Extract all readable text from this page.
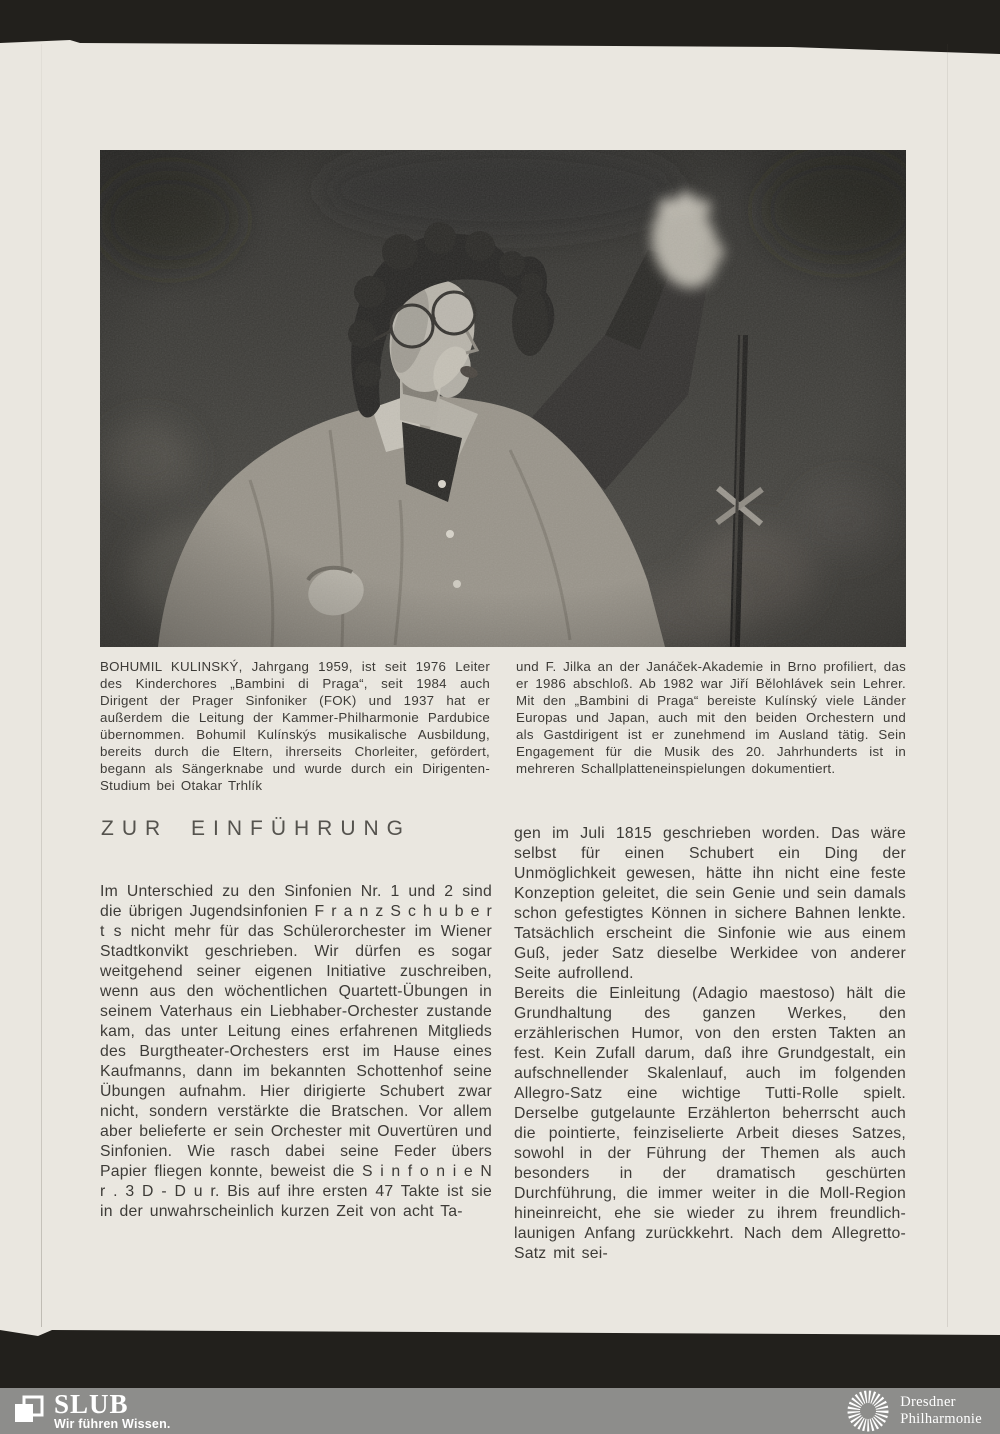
BOHUMIL KULINSKÝ, Jahrgang 1959, ist seit 1976 Leiter des Kinderchores „Bambini di Praga“, seit 1984 auch Dirigent der Prager Sinfoniker (FOK) und 1937 hat er außerdem die Leitung der Kammer-Philharmonie Pardubice übernommen. Bohumil Kulínskýs musikalische Ausbildung, bereits durch die Eltern, ihrerseits Chorleiter, gefördert, begann als Sängerknabe und wurde durch ein Dirigenten-Studium bei Otakar Trhlík
und F. Jilka an der Janáček-Akademie in Brno profiliert, das er 1986 abschloß. Ab 1982 war Jiří Bělohlávek sein Lehrer. Mit den „Bambini di Praga“ bereiste Kulínský viele Länder Europas und Japan, auch mit den beiden Orchestern und als Gastdirigent ist er zunehmend im Ausland tätig. Sein Engagement für die Musik des 20. Jahrhunderts ist in mehreren Schallplatteneinspielungen dokumentiert.
ZUR EINFÜHRUNG

Im Unterschied zu den Sinfonien Nr. 1 und 2 sind die übrigen Jugendsinfonien F r a n z S c h u b e r t s nicht mehr für das Schülerorchester im Wiener Stadtkonvikt geschrieben. Wir dürfen es sogar weitgehend seiner eigenen Initiative zuschreiben, wenn aus den wöchentlichen Quartett-Übungen in seinem Vaterhaus ein Liebhaber-Orchester zustande kam, das unter Leitung eines erfahrenen Mitglieds des Burgtheater-Orchesters erst im Hause eines Kaufmanns, dann im bekannten Schottenhof seine Übungen aufnahm. Hier dirigierte Schubert zwar nicht, sondern verstärkte die Bratschen. Vor allem aber belieferte er sein Orchester mit Ouvertüren und Sinfonien. Wie rasch dabei seine Feder übers Papier fliegen konnte, beweist die S i n f o n i e N r . 3 D - D u r. Bis auf ihre ersten 47 Takte ist sie in der unwahrscheinlich kurzen Zeit von acht Ta-

gen im Juli 1815 geschrieben worden. Das wäre selbst für einen Schubert ein Ding der Unmöglichkeit gewesen, hätte ihn nicht eine feste Konzeption geleitet, die sein Genie und sein damals schon gefestigtes Können in sichere Bahnen lenkte. Tatsächlich erscheint die Sinfonie wie aus einem Guß, jeder Satz dieselbe Werkidee von anderer Seite aufrollend.

Bereits die Einleitung (Adagio maestoso) hält die Grundhaltung des ganzen Werkes, den erzählerischen Humor, von den ersten Takten an fest. Kein Zufall darum, daß ihre Grundgestalt, ein aufschnellender Skalenlauf, auch im folgenden Allegro-Satz eine wichtige Tutti-Rolle spielt. Derselbe gutgelaunte Erzählerton beherrscht auch die pointierte, feinziselierte Arbeit dieses Satzes, sowohl in der Führung der Themen als auch besonders in der dramatisch geschürten Durchführung, die immer weiter in die Moll-Region hineinreicht, ehe sie wieder zu ihrem freundlich-launigen Anfang zurückkehrt. Nach dem Allegretto-Satz mit sei-

SLUB
Wir führen Wissen.
Dresdner
Philharmonie
